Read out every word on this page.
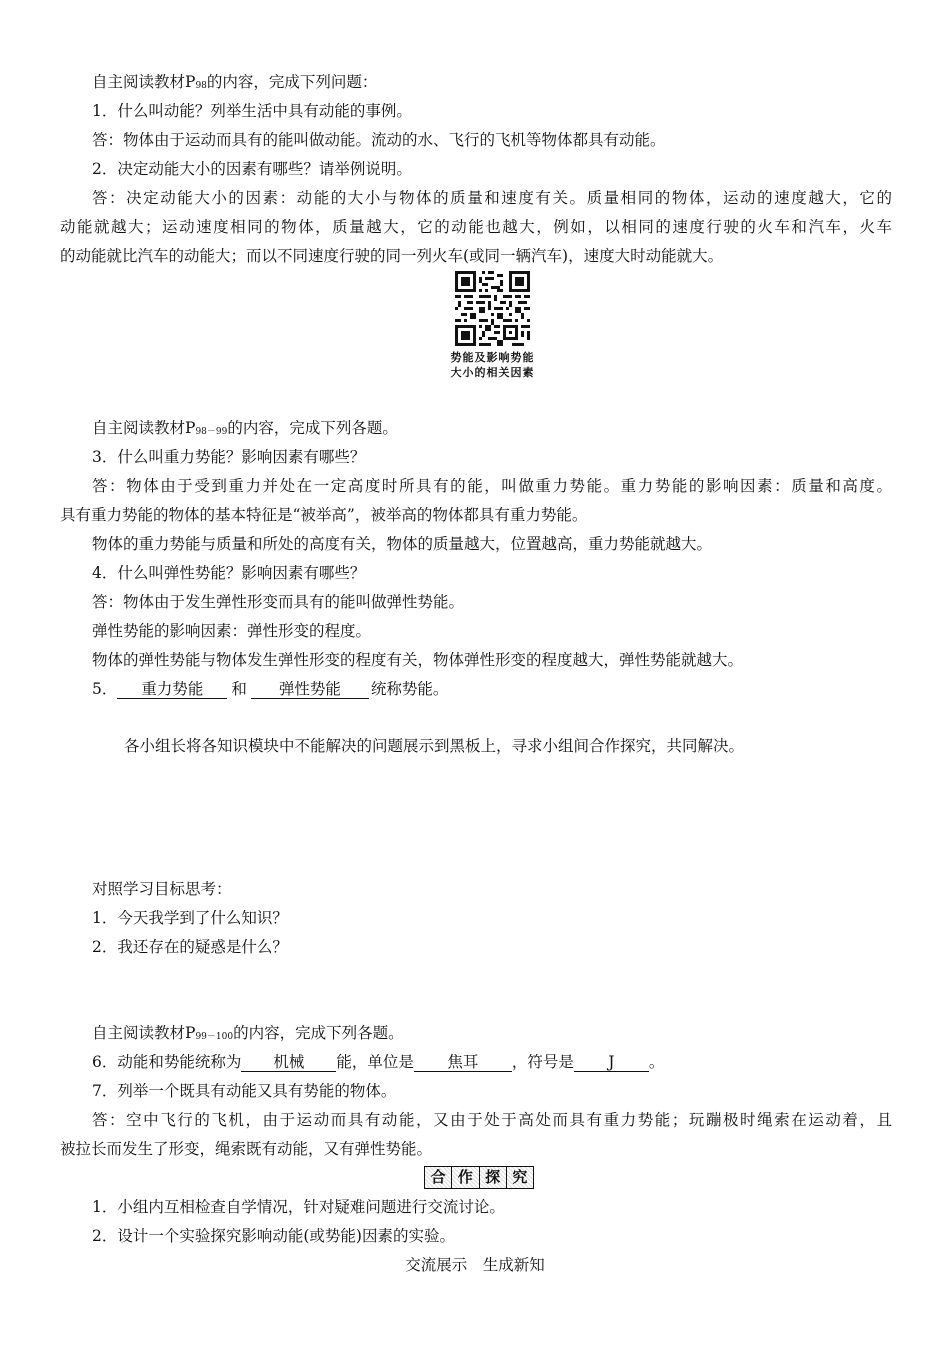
自主阅读教材P98的内容，完成下列问题：
1．什么叫动能？列举生活中具有动能的事例。
答：物体由于运动而具有的能叫做动能。流动的水、飞行的飞机等物体都具有动能。
2．决定动能大小的因素有哪些？请举例说明。
答：决定动能大小的因素：动能的大小与物体的质量和速度有关。质量相同的物体，运动的速度越大，它的
动能就越大；运动速度相同的物体，质量越大，它的动能也越大，例如，以相同的速度行驶的火车和汽车，火车
的动能就比汽车的动能大；而以不同速度行驶的同一列火车(或同一辆汽车)，速度大时动能就大。
势能及影响势能
大小的相关因素
自主阅读教材P98－99的内容，完成下列各题。
3．什么叫重力势能？影响因素有哪些？
答：物体由于受到重力并处在一定高度时所具有的能，叫做重力势能。重力势能的影响因素：质量和高度。
具有重力势能的物体的基本特征是“被举高”，被举高的物体都具有重力势能。
物体的重力势能与质量和所处的高度有关，物体的质量越大，位置越高，重力势能就越大。
4．什么叫弹性势能？影响因素有哪些？
答：物体由于发生弹性形变而具有的能叫做弹性势能。
弹性势能的影响因素：弹性形变的程度。
物体的弹性势能与物体发生弹性形变的程度有关，物体弹性形变的程度越大，弹性势能就越大。
5． 重力势能 和 弹性势能 统称势能。
各小组长将各知识模块中不能解决的问题展示到黑板上，寻求小组间合作探究，共同解决。
对照学习目标思考：
1．今天我学到了什么知识？
2．我还存在的疑惑是什么？
自主阅读教材P99－100的内容，完成下列各题。
6．动能和势能统称为 机械 能，单位是 焦耳 ，符号是 J 。
7．列举一个既具有动能又具有势能的物体。
答：空中飞行的飞机，由于运动而具有动能，又由于处于高处而具有重力势能；玩蹦极时绳索在运动着，且
被拉长而发生了形变，绳索既有动能，又有弹性势能。
合 作 探 究
1．小组内互相检查自学情况，针对疑难问题进行交流讨论。
2．设计一个实验探究影响动能(或势能)因素的实验。
交流展示　生成新知
